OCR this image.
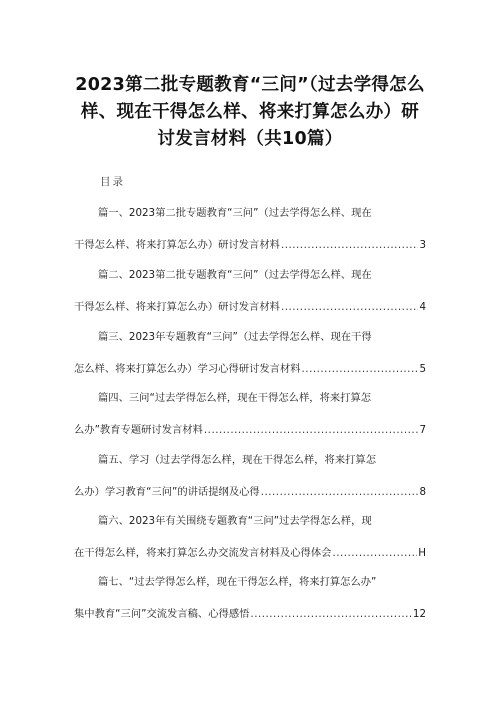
2023第二批专题教育“三问”（过去学得怎么
样、现在干得怎么样、将来打算怎么办）研
讨发言材料（共10篇）
目录
篇一、2023第二批专题教育“三问”（过去学得怎么样、现在
干得怎么样、将来打算怎么办）研讨发言材料 .....	3
篇二、2023第二批专题教育“三问”（过去学得怎么样、现在
干得怎么样、将来打算怎么办）研讨发言材料 .....	4
篇三、2023年专题教育“三问”（过去学得怎么样、现在干得
怎么样、将来打算怎么办）学习心得研讨发言材料 .....	5
篇四、三问“过去学得怎么样，现在干得怎么样，将来打算怎
么办”教育专题研讨发言材料 .....	7
篇五、学习（过去学得怎么样，现在干得怎么样，将来打算怎
么办）学习教育“三问”的讲话提纲及心得 .....	8
篇六、2023年有关围绕专题教育“三问”过去学得怎么样，现
在干得怎么样，将来打算怎么办交流发言材料及心得体会 .....	H
篇七、“过去学得怎么样，现在干得怎么样，将来打算怎么办”
集中教育“三问”交流发言稿、心得感悟 .....	12
